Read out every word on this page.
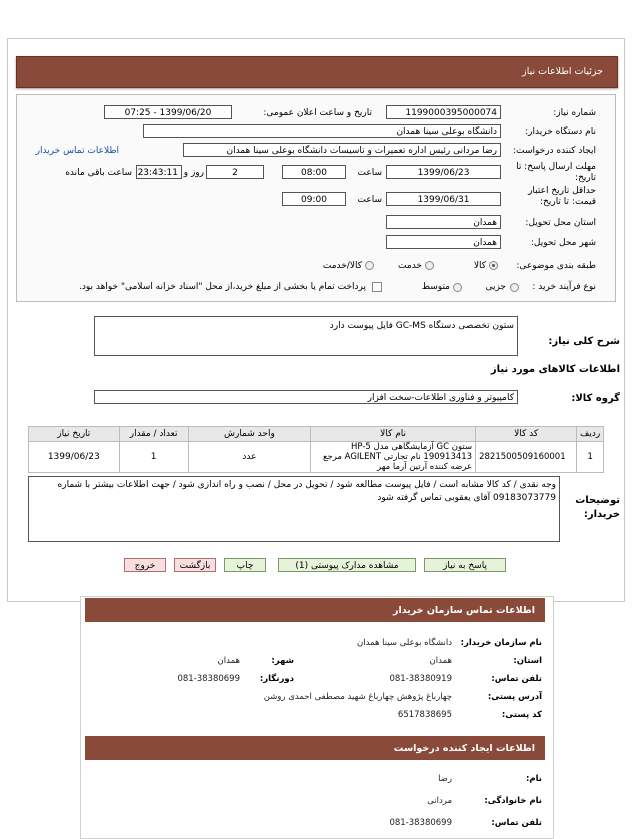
جزئیات اطلاعات نیاز
شماره نیاز:
1199000395000074
تاریخ و ساعت اعلان عمومی:
1399/06/20 - 07:25
نام دستگاه خریدار:
دانشگاه بوعلی سینا همدان
ایجاد کننده درخواست:
رضا مردانی رئیس اداره تعمیرات و تاسیسات دانشگاه بوعلی سینا همدان
اطلاعات تماس خریدار
مهلت ارسال پاسخ: تا تاریخ:
1399/06/23
ساعت
08:00
2
روز و
23:43:11
ساعت باقی مانده
حداقل تاریخ اعتبار قیمت: تا تاریخ:
1399/06/31
ساعت
09:00
استان محل تحویل:
همدان
شهر محل تحویل:
همدان
طبقه بندی موضوعی:
کالا
خدمت
کالا/خدمت
نوع فرآیند خرید :
جزیی
متوسط
پرداخت تمام یا بخشی از مبلغ خرید،از محل "اسناد خزانه اسلامی" خواهد بود.
شرح کلی نیاز:
ستون تخصصی دستگاه GC-MS فایل پیوست دارد
اطلاعات کالاهای مورد نیاز
گروه کالا:
کامپیوتر و فناوری اطلاعات-سخت افزار
ردیف	کد کالا	نام کالا	واحد شمارش	تعداد / مقدار	تاریخ نیاز
1	2821500509160001	ستون GC آزمایشگاهی مدل HP-5 190913413 نام تجارتی AGILENT مرجع عرضه کننده آرتین آرما مهر	عدد	1	1399/06/23
توضیحات خریدار:
وجه نقدی / کد کالا مشابه است / فایل پیوست مطالعه شود / تحویل در محل / نصب و راه اندازی شود / جهت اطلاعات بیشتر با شماره 09183073779 آقای یعقوبی تماس گرفته شود
پاسخ به نیاز
مشاهده مدارک پیوستی (1)
چاپ
بازگشت
خروج
اطلاعات تماس سازمان خریدار
نام سازمان خریدار:
دانشگاه بوعلی سینا همدان
استان:
همدان
شهر:
همدان
تلفن تماس:
081-38380919
دورنگار:
081-38380699
آدرس پستی:
چهارباغ پژوهش چهارباغ شهید مصطفی احمدی روشن
کد پستی:
6517838695
اطلاعات ایجاد کننده درخواست
نام:
رضا
نام خانوادگی:
مردانی
تلفن تماس:
081-38380699
